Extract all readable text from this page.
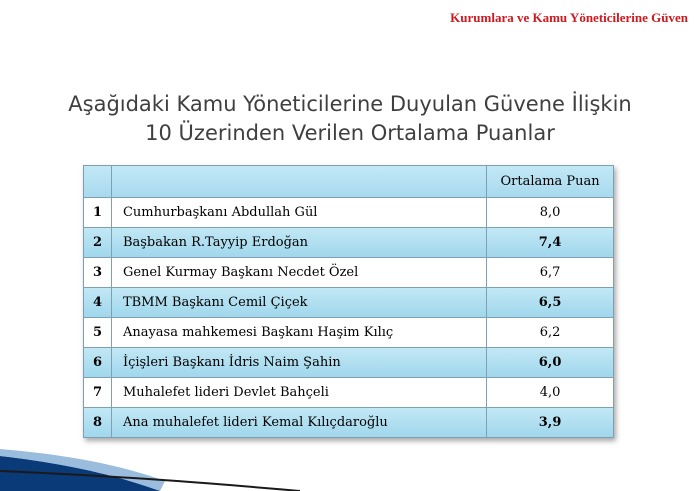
Kurumlara ve Kamu Yöneticilerine Güven
Aşağıdaki Kamu Yöneticilerine Duyulan Güvene İlişkin
10 Üzerinden Verilen Ortalama Puanlar
		Ortalama Puan
1	Cumhurbaşkanı Abdullah Gül	8,0
2	Başbakan R.Tayyip Erdoğan	7,4
3	Genel Kurmay Başkanı Necdet Özel	6,7
4	TBMM Başkanı Cemil Çiçek	6,5
5	Anayasa mahkemesi Başkanı Haşim Kılıç	6,2
6	İçişleri Başkanı İdris Naim Şahin	6,0
7	Muhalefet lideri Devlet Bahçeli	4,0
8	Ana muhalefet lideri Kemal Kılıçdaroğlu	3,9
